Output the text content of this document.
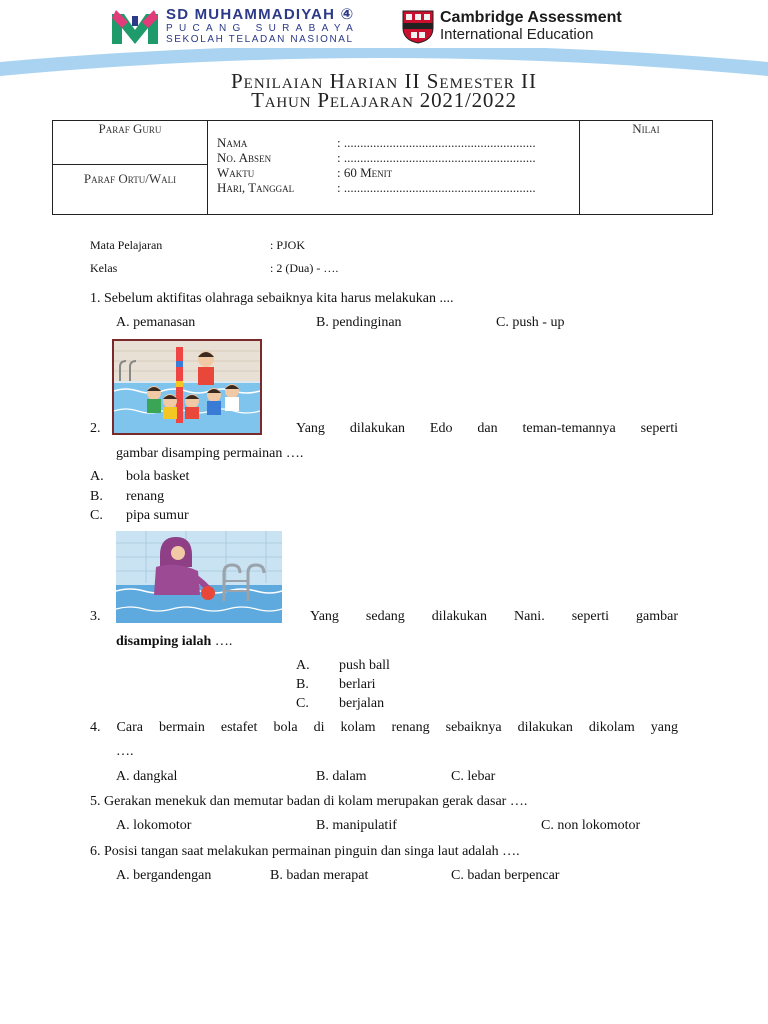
SD MUHAMMADIYAH ④
PUCANG SURABAYA
SEKOLAH TELADAN NASIONAL
Cambridge Assessment
International Education
Penilaian Harian II Semester II
Tahun Pelajaran 2021/2022
Paraf Guru
Paraf Ortu/Wali
Nilai
Nama	: ...........................................................
No. Absen	: ...........................................................
Waktu	: 60 Menit
Hari, Tanggal	: ...........................................................
Mata Pelajaran	: PJOK
Kelas	: 2 (Dua) - ….
1. Sebelum aktifitas olahraga sebaiknya kita harus melakukan ....
A. pemanasan	B. pendinginan	C. push - up
2.	Yang dilakukan Edo dan teman-temannya seperti
gambar disamping permainan ….
A. bola basket
B. renang
C. pipa sumur
3.	Yang sedang dilakukan Nani. seperti gambar
disamping ialah ….
A. push ball
B. berlari
C. berjalan
4. Cara bermain estafet bola di kolam renang sebaiknya dilakukan dikolam yang
….
A. dangkal	B. dalam	C. lebar
5. Gerakan menekuk dan memutar badan di kolam merupakan gerak dasar ….
A. lokomotor	B. manipulatif	C. non lokomotor
6. Posisi tangan saat melakukan permainan pinguin dan singa laut adalah ….
A. bergandengan	B. badan merapat	C. badan berpencar
